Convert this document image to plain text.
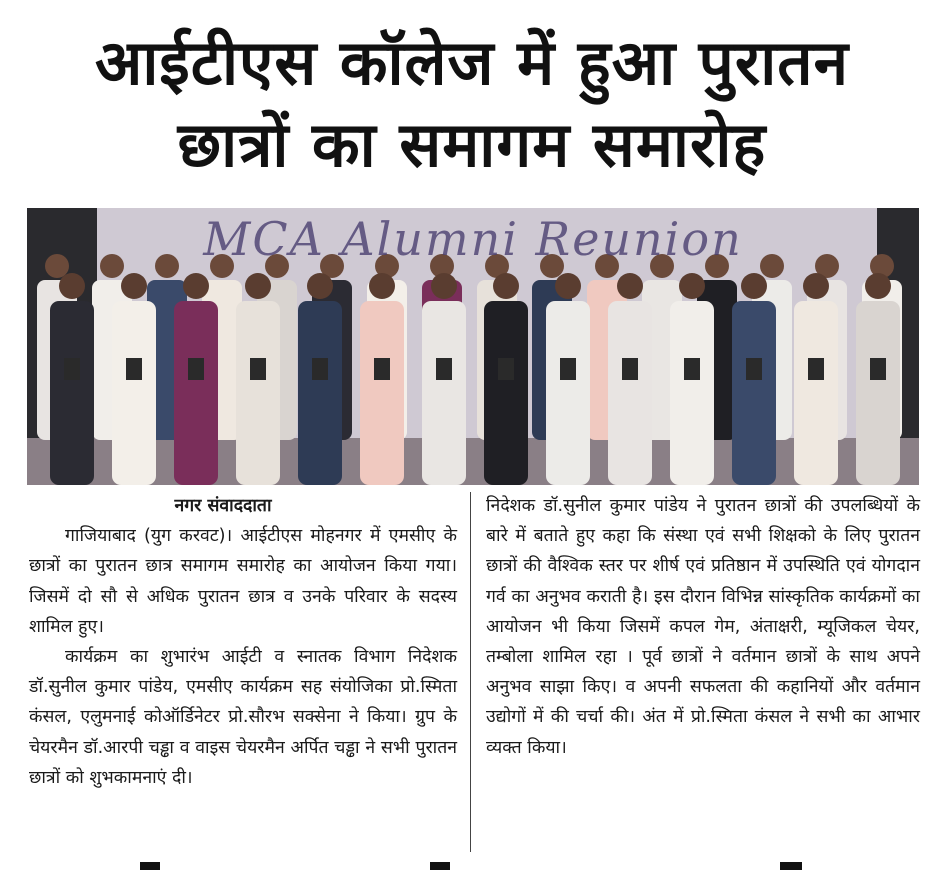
आईटीएस कॉलेज में हुआ पुरातन
छात्रों का समागम समारोह
MCA Alumni Reunion
नगर संवाददाता
गाजियाबाद (युग करवट)। आईटीएस मोहनगर में एमसीए के छात्रों का पुरातन छात्र समागम समारोह का आयोजन किया गया। जिसमें दो सौ से अधिक पुरातन छात्र व उनके परिवार के सदस्य शामिल हुए।
कार्यक्रम का शुभारंभ आईटी व स्नातक विभाग निदेशक डॉ.सुनील कुमार पांडेय, एमसीए कार्यक्रम सह संयोजिका प्रो.स्मिता कंसल, एलुमनाई कोऑर्डिनेटर प्रो.सौरभ सक्सेना ने किया। ग्रुप के चेयरमैन डॉ.आरपी चड्ढा व वाइस चेयरमैन अर्पित चड्ढा ने सभी पुरातन छात्रों को शुभकामनाएं दी।
निदेशक डॉ.सुनील कुमार पांडेय ने पुरातन छात्रों की उपलब्धियों के बारे में बताते हुए कहा कि संस्था एवं सभी शिक्षको के लिए पुरातन छात्रों की वैश्विक स्तर पर शीर्ष एवं प्रतिष्ठान में उपस्थिति एवं योगदान गर्व का अनुभव कराती है। इस दौरान विभिन्न सांस्कृतिक कार्यक्रमों का आयोजन भी किया जिसमें कपल गेम, अंताक्षरी, म्यूजिकल चेयर, तम्बोला शामिल रहा । पूर्व छात्रों ने वर्तमान छात्रों के साथ अपने अनुभव साझा किए। व अपनी सफलता की कहानियों और वर्तमान उद्योगों में की चर्चा की। अंत में प्रो.स्मिता कंसल ने सभी का आभार व्यक्त किया।
